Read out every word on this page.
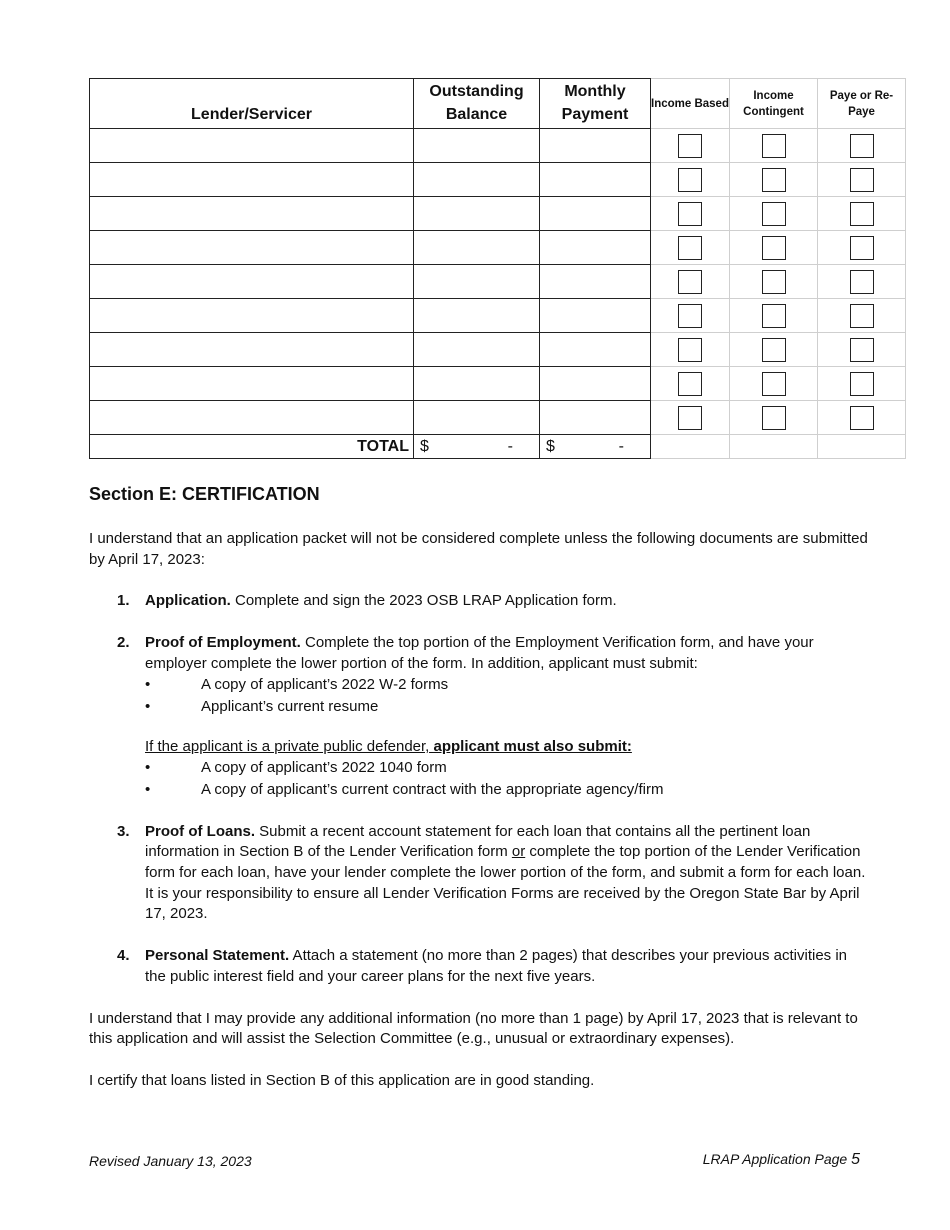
Lender/Servicer	Outstanding Balance	Monthly Payment	Income Based	Income Contingent	Paye or Re-Paye

TOTAL	$ -	$ -			

Section E: CERTIFICATION

I understand that an application packet will not be considered complete unless the following documents are submitted by April 17, 2023:

1. Application. Complete and sign the 2023 OSB LRAP Application form.
2. Proof of Employment. Complete the top portion of the Employment Verification form, and have your employer complete the lower portion of the form. In addition, applicant must submit:
•	A copy of applicant’s 2022 W-2 forms
•	Applicant’s current resume
If the applicant is a private public defender, applicant must also submit:
•	A copy of applicant’s 2022 1040 form
•	A copy of applicant’s current contract with the appropriate agency/firm
3. Proof of Loans. Submit a recent account statement for each loan that contains all the pertinent loan information in Section B of the Lender Verification form or complete the top portion of the Lender Verification form for each loan, have your lender complete the lower portion of the form, and submit a form for each loan. It is your responsibility to ensure all Lender Verification Forms are received by the Oregon State Bar by April 17, 2023.
4. Personal Statement. Attach a statement (no more than 2 pages) that describes your previous activities in the public interest field and your career plans for the next five years.

I understand that I may provide any additional information (no more than 1 page) by April 17, 2023 that is relevant to this application and will assist the Selection Committee (e.g., unusual or extraordinary expenses).

I certify that loans listed in Section B of this application are in good standing.

Revised January 13, 2023	LRAP Application Page 5
